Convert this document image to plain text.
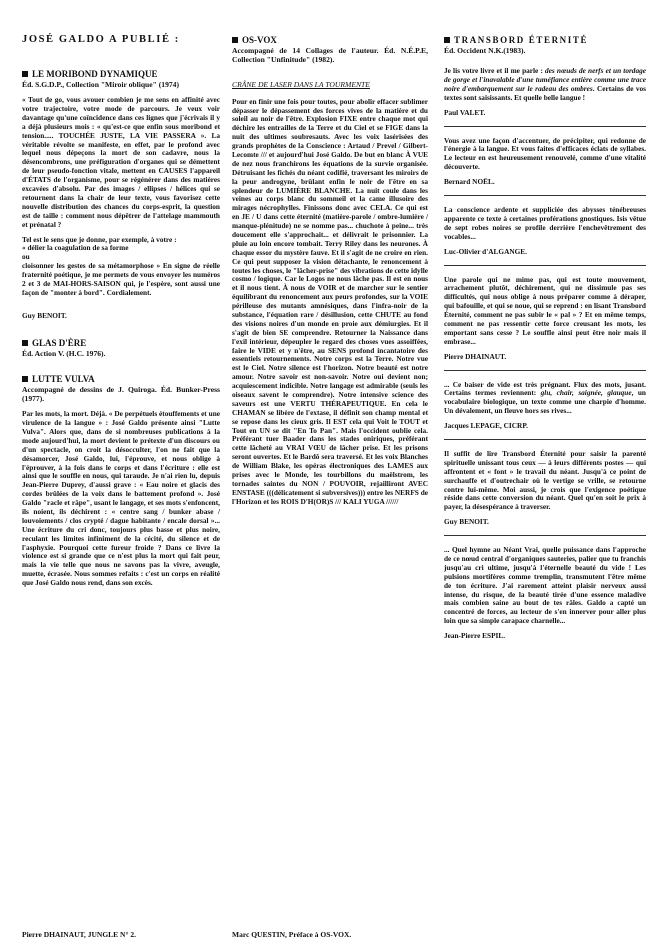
JOSÉ GALDO A PUBLIÉ :
LE MORIBOND DYNAMIQUE
Éd. S.G.D.P., Collection "Miroir oblique" (1974)

« Tout de go, vous avouer combien je me sens en affinité avec votre trajectoire, votre mode de parcours. Je veux voir davantage qu'une coïncidence dans ces lignes que j'écrivais il y a déjà plusieurs mois : « qu'est-ce que enfin sous moribond et tension..... TOUCHÉE JUSTE, LA VIE PASSERA ». La véritable révolte se manifeste, en effet, par le profond avec lequel nous dépeçons la mort de son cadavre, nous la désencombrons, une préfiguration d'organes qui se démettent de leur pseudo-fonction vitale, mettent en CAUSES l'appareil d'ÉTATS de l'organisme, pour se régénérer dans des matières excavées d'absolu. Par des images / ellipses / hélices qui se retournent dans la chair de leur texte, vous favorisez cette nouvelle distribution des chances du corps-esprit, la question est de taille : comment nous dépêtrer de l'attelage mammouth et prénatal ?

Tel est le sens que je donne, par exemple, à votre :

« délier la coagulation de sa forme

ou

cloisonner les gestes de sa métamorphose » En signe de réelle fraternité poétique, je me permets de vous envoyer les numéros 2 et 3 de MAI-HORS-SAISON qui, je l'espère, sont aussi une façon de "monter à bord". Cordialement.

Guy BENOIT.

GLAS D'ÈRE
Éd. Action V. (H.C. 1976).
LUTTE VULVA
Accompagné de dessins de J. Quiroga. Éd. Bunker-Press (1977).

Par les mots, la mort. Déjà. « De perpétuels étouffements et une virulence de la langue » : José Galdo présente ainsi "Lutte Vulva". Alors que, dans de si nombreuses publications à la mode aujourd'hui, la mort devient le prétexte d'un discours ou d'un spectacle, on croit la désocculter, l'on ne fait que la désamorcer, José Galdo, lui, l'éprouve, et nous oblige à l'éprouver, à la fois dans le corps et dans l'écriture : elle est ainsi que le souffle en nous, qui taraude. Je n'ai rien lu, depuis Jean-Pierre Duprey, d'aussi grave : « Eau noire et glacis des cordes brûlées de la voix dans le battement profond ». José Galdo "racle et râpe", usant le langage, et ses mots s'enfoncent, ils noient, ils déchirent : « centre sang / bunker abase / louvoiements / clos crypté / dague habitante / encale dorsal »... Une écriture du cri donc, toujours plus basse et plus noire, reculant les limites infiniment de la cécité, du silence et de l'asphyxie. Pourquoi cette fureur froide ? Dans ce livre la violence est si grande que ce n'est plus la mort qui fait peur, mais la vie telle que nous ne savons pas la vivre, aveugle, muette, écrasée. Nous sommes refaits : c'est un corps en réalité que José Galdo nous rend, dans son excès.

Pierre DHAINAUT, JUNGLE N° 2.
OS-VOX
Accompagné de 14 Collages de l'auteur. Éd. N.É.P.E, Collection "Unfinitude" (1982).
CRÂNE DE LASER DANS LA TOURMENTE

Pour en finir une fois pour toutes, pour abolir effacer sublimer dépasser le dépassement des forces vives de la matière et du soleil au noir de l'être. Explosion FIXE entre chaque mot qui déchire les entrailles de la Terre et du Ciel et se FIGE dans la nuit des ultimes soubresauts. Avec les voix lasérisées des grands prophètes de la Conscience : Artaud / Prevel / Gilbert-Lecomte /// et aujourd'hui José Galdo. De but en blanc À VUE de nez nous franchirons les équations de la survie organisée. Détruisant les fichés du néant codifié, traversant les miroirs de la peur androgyne, brûlant enfin le noir de l'être en sa splendeur de LUMIÈRE BLANCHE. La nuit coule dans les veines au corps blanc du sommeil et la came illusoire des mirages nécrophylles. Finissons donc avec CELA. Ce qui est en JE / U dans cette éternité (matière-parole / ombre-lumière / manque-plénitude) ne se nomme pas... chuchote à peine... très doucement elle s'approchait... et délivrait le prisonnier. La pluie au loin encore tombait. Terry Riley dans les neurones. À chaque essor du mystère fauve. Et il s'agit de ne croire en rien. Ce qui peut supposer la vision détachante, le renoncement à toutes les choses, le "lâcher-prise" des vibrations de cette idylle cosmo / logique. Car le Logos ne nous lâche pas. Il est en nous et il nous tient. À nous de VOIR et de marcher sur le sentier équilibrant du renoncement aux peurs profondes, sur la VOIE périlleuse des mutants amnésiques, dans l'infra-noir de la substance, l'équation rare / désillusion, cette CHUTE au fond des visions noires d'un monde en proie aux démiurgies. Et il s'agit de bien SE comprendre. Retourner la Naissance dans l'exil intérieur, dépeupler le regard des choses vues assoiffées, faire le VIDE et y n'être, au SENS profond incantatoire des essentiels retournements. Notre corps est la Terre. Notre vue est le Ciel. Notre silence est l'horizon. Notre beauté est notre amour. Notre savoir est non-savoir. Notre oui devient non; acquiescement indicible. Notre langage est admirable (seuls les oiseaux savent le comprendre). Notre intensive science des saveurs est une VERTU THÉRAPEUTIQUE. En cela le CHAMAN se libère de l'extase, il définit son champ mental et se repose dans les cieux gris. Il EST cela qui Voit le TOUT et Tout en UN se dit "En To Pan". Mais l'occident oublie cela. Préférant tuer Baader dans les stades oniriques, préférant cette lâcheté au VRAI VŒU de lâcher prise. Et les prisons seront ouvertes. Et le Bardô sera traversé. Et les voix Blanches de William Blake, les opéras électroniques des LAMES aux prises avec le Monde, les tourbillons du maëlstrom, les tornades saintes du NON / POUVOIR, rejailliront AVEC ENSTASE (((délicatement si subversives))) entre les NERFS de l'Horizon et les ROIS D'H(OR)S /// KALI YUGA //////

Marc QUESTIN, Préface à OS-VOX.
TRANSBORD ÉTERNITÉ
Éd. Occident N.K.(1983).

Je lis votre livre et il me parle : des nœuds de nerfs et un tordage de gorge et l'inavalable d'une tuméfiance entière comme une trace noire d'embarquement sur le radeau des ombres. Certains de vos textes sont saisissants. Et quelle belle langue !

Paul VALET.

Vous avez une façon d'accentuer, de précipiter, qui redonne de l'énergie à la langue. Et vous faites d'efficaces éclats de syllabes. Le lecteur en est heureusement renouvelé, comme d'une vitalité découverte.

Bernard NOËL.

La conscience ardente et suppliciée des abysses ténébreuses apparente ce texte à certaines proférations gnostiques. Isis vêtue de sept robes noires se profile derrière l'enchevêtrement des vocables...

Luc-Olivier d'ALGANGE.

Une parole qui ne mime pas, qui est toute mouvement, arrachement plutôt, déchirement, qui ne dissimule pas ses difficultés, qui nous oblige à nous préparer comme à déraper, qui bafouille, et qui se noue, qui se reprend : en lisant Transbord Éternité, comment ne pas subir le « pal » ? Et en même temps, comment ne pas ressentir cette force creusant les mots, les emportant sans cesse ? Le souffle ainsi peut être noir mais il embrase...

Pierre DHAINAUT.

... Ce baiser de vide est très prégnant. Flux des mots, jusant. Certains termes reviennent: glu, chair, saignée, glauque, un vocabulaire biologique, un texte comme une charpie d'homme. Un dévalement, un fleuve hors ses rives...

Jacques LEPAGE, CICRP.

Il suffit de lire Transbord Éternité pour saisir la parenté spirituelle unissant tous ceux — à leurs différents postes — qui affrontent et « font » le travail du néant. Jusqu'à ce point de surchauffe et d'outrechair où le vertige se vrille, se retourne contre lui-même. Moi aussi, je crois que l'exigence poétique réside dans cette conversion du néant. Quel qu'en soit le prix à payer, la désespérance à traverser.

Guy BENOIT.

... Quel hymne au Néant Vrai, quelle puissance dans l'approche de ce nœud central d'organiques sauteries, palier que tu franchis jusqu'au cri ultime, jusqu'à l'éternelle beauté du vide ! Les pulsions mortifères comme tremplin, transmutent l'être même de ton écriture. J'ai rarement atteint plaisir nerveux aussi intense, du risque, de la beauté tirée d'une essence maladive mais combien saine au bout de tes râles. Galdo a capté un concentré de forces, au lecteur de s'en innerver pour aller plus loin que sa simple carapace charnelle...

Jean-Pierre ESPIL.
